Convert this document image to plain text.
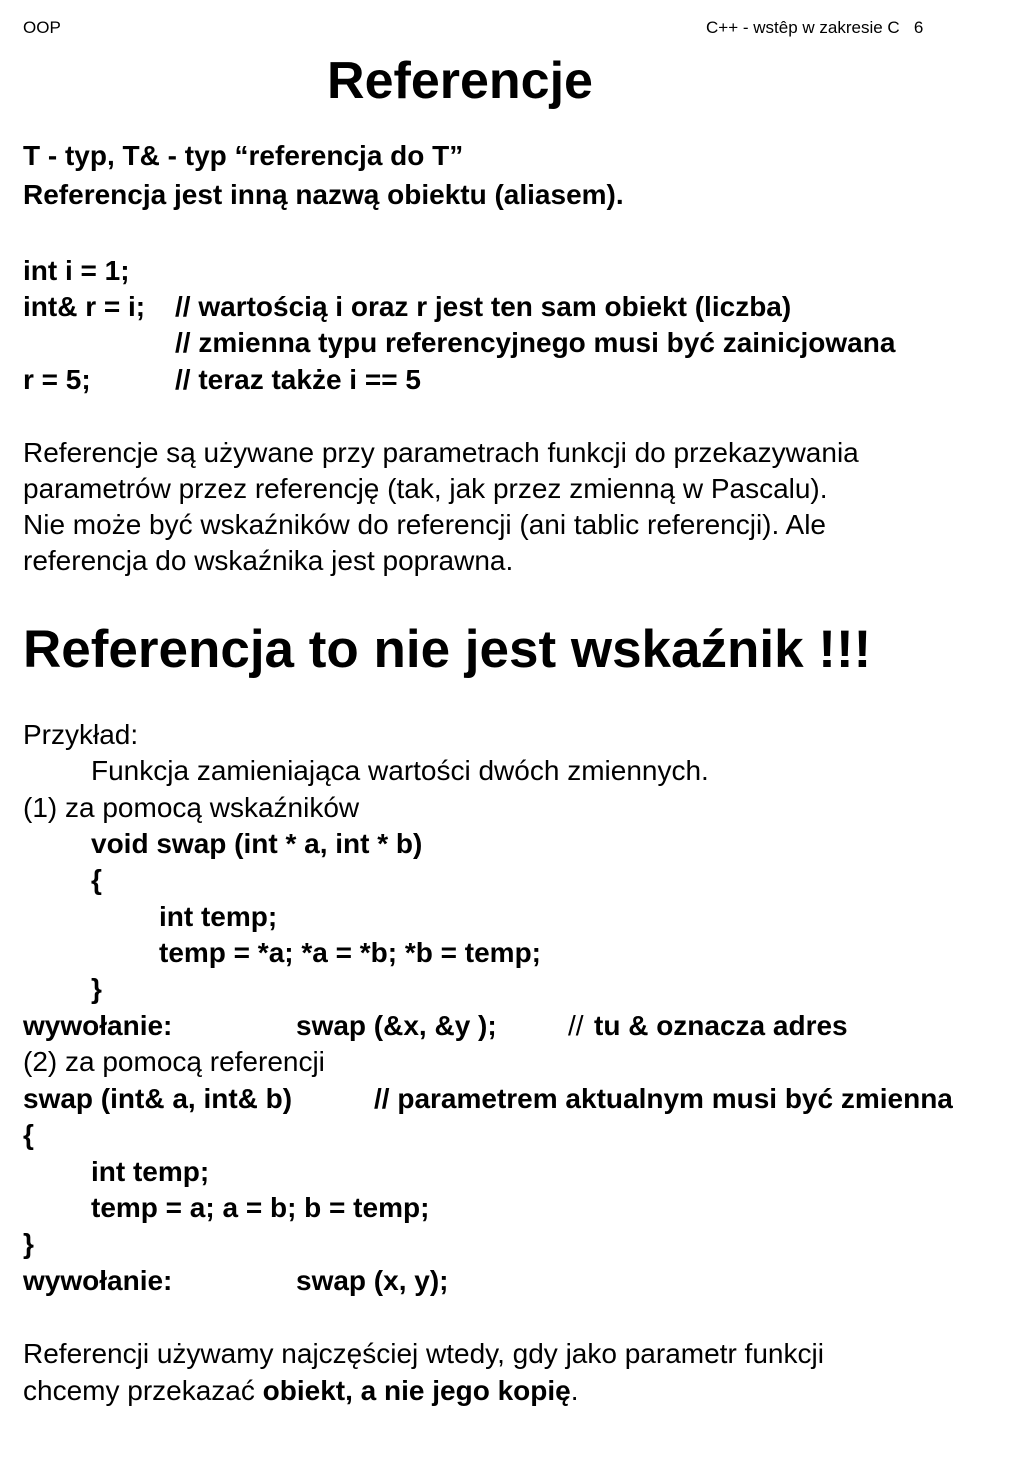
OOP	C++ - wstêp w zakresie C   6
Referencje
T - typ, T& - typ “referencja do T”
Referencja jest inną nazwą obiektu (aliasem).
int i = 1;
int& r = i; // wartością i oraz r jest ten sam obiekt (liczba)
// zmienna typu referencyjnego musi być zainicjowana
r = 5;	// teraz także i == 5
Referencje są używane przy parametrach funkcji do przekazywania
parametrów przez referencję (tak, jak przez zmienną w Pascalu).
Nie może być wskaźników do referencji (ani tablic referencji). Ale
referencja do wskaźnika jest poprawna.
Referencja to nie jest wskaźnik !!!
Przykład:
Funkcja zamieniająca wartości dwóch zmiennych.
(1) za pomocą wskaźników
void swap (int * a, int * b)
{
int temp;
temp = *a; *a = *b; *b = temp;
}
wywołanie:	swap (&x, &y );	// tu & oznacza adres
(2) za pomocą referencji
swap (int& a, int& b)	// parametrem aktualnym musi być zmienna
{
int temp;
temp = a; a = b; b = temp;
}
wywołanie:	swap (x, y);
Referencji używamy najczęściej wtedy, gdy jako parametr funkcji
chcemy przekazać obiekt, a nie jego kopię.
